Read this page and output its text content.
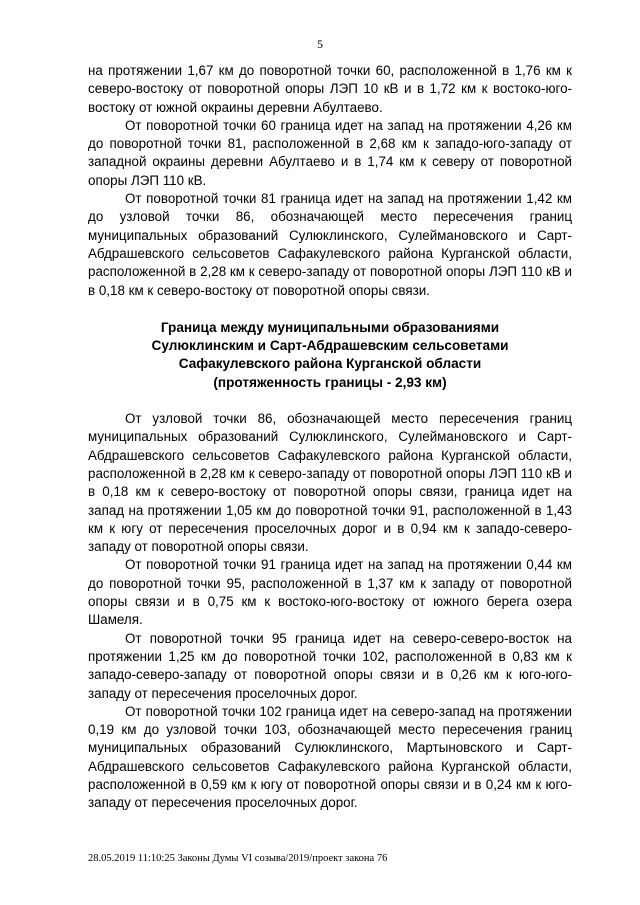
5

на протяжении 1,67 км до поворотной точки 60, расположенной в 1,76 км к северо-востоку от поворотной опоры ЛЭП 10 кВ и в 1,72 км к востоко-юго-востоку от южной окраины деревни Абултаево.

От поворотной точки 60 граница идет на запад на протяжении 4,26 км до поворотной точки 81, расположенной в 2,68 км к западо-юго-западу от западной окраины деревни Абултаево и в 1,74 км к северу от поворотной опоры ЛЭП 110 кВ.

От поворотной точки 81 граница идет на запад на протяжении 1,42 км до узловой точки 86, обозначающей место пересечения границ муниципальных образований Сулюклинского, Сулеймановского и Сарт-Абдрашевского сельсоветов Сафакулевского района Курганской области, расположенной в 2,28 км к северо-западу от поворотной опоры ЛЭП 110 кВ и в 0,18 км к северо-востоку от поворотной опоры связи.

Граница между муниципальными образованиями
Сулюклинским и Сарт-Абдрашевским сельсоветами
Сафакулевского района Курганской области
(протяженность границы - 2,93 км)

От узловой точки 86, обозначающей место пересечения границ муниципальных образований Сулюклинского, Сулеймановского и Сарт-Абдрашевского сельсоветов Сафакулевского района Курганской области, расположенной в 2,28 км к северо-западу от поворотной опоры ЛЭП 110 кВ и в 0,18 км к северо-востоку от поворотной опоры связи, граница идет на запад на протяжении 1,05 км до поворотной точки 91, расположенной в 1,43 км к югу от пересечения проселочных дорог и в 0,94 км к западо-северо-западу от поворотной опоры связи.

От поворотной точки 91 граница идет на запад на протяжении 0,44 км до поворотной точки 95, расположенной в 1,37 км к западу от поворотной опоры связи и в 0,75 км к востоко-юго-востоку от южного берега озера Шамеля.

От поворотной точки 95 граница идет на северо-северо-восток на протяжении 1,25 км до поворотной точки 102, расположенной в 0,83 км к западо-северо-западу от поворотной опоры связи и в 0,26 км к юго-юго-западу от пересечения проселочных дорог.

От поворотной точки 102 граница идет на северо-запад на протяжении 0,19 км до узловой точки 103, обозначающей место пересечения границ муниципальных образований Сулюклинского, Мартыновского и Сарт-Абдрашевского сельсоветов Сафакулевского района Курганской области, расположенной в 0,59 км к югу от поворотной опоры связи и в 0,24 км к юго-западу от пересечения проселочных дорог.

28.05.2019 11:10:25 Законы Думы VI созыва/2019/проект закона 76
